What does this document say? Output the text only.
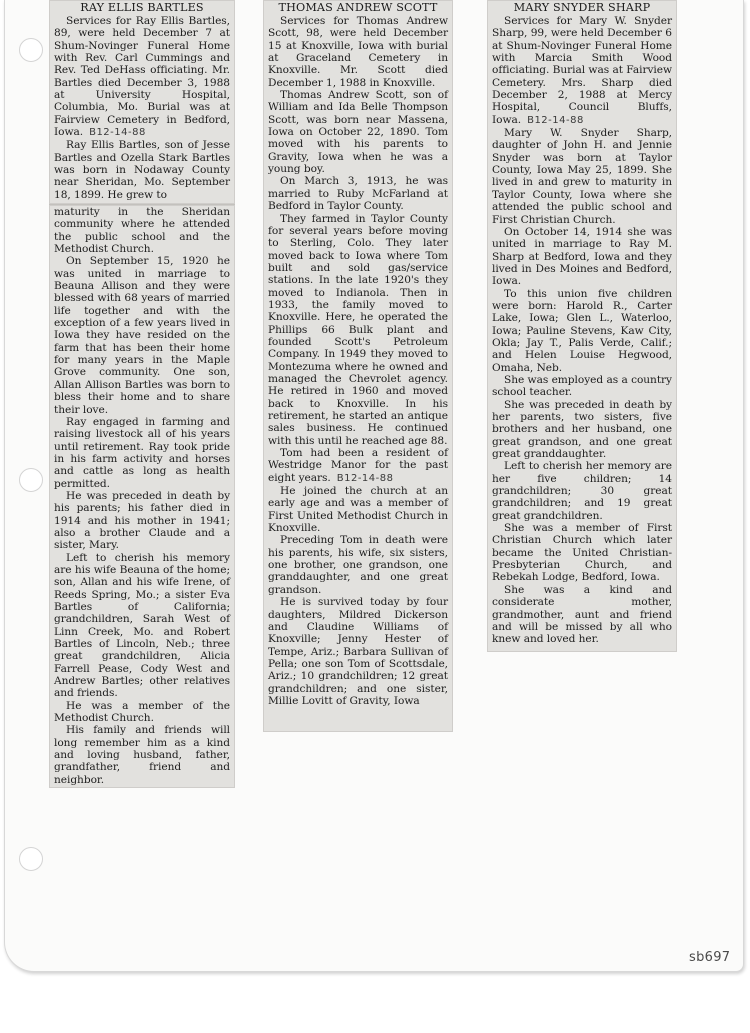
RAY ELLIS BARTLES

Services for Ray Ellis Bartles, 89, were held December 7 at Shum-Novinger Funeral Home with Rev. Carl Cummings and Rev. Ted DeHass officiating. Mr. Bartles died December 3, 1988 at University Hospital, Columbia, Mo. Burial was at Fairview Cemetery in Bedford, Iowa. B12-14-88

Ray Ellis Bartles, son of Jesse Bartles and Ozella Stark Bartles was born in Nodaway County near Sheridan, Mo. September 18, 1899. He grew to

maturity in the Sheridan community where he attended the public school and the Methodist Church.

On September 15, 1920 he was united in marriage to Beauna Allison and they were blessed with 68 years of married life together and with the exception of a few years lived in Iowa they have resided on the farm that has been their home for many years in the Maple Grove community. One son, Allan Allison Bartles was born to bless their home and to share their love.

Ray engaged in farming and raising livestock all of his years until retirement. Ray took pride in his farm activity and horses and cattle as long as health permitted.

He was preceded in death by his parents; his father died in 1914 and his mother in 1941; also a brother Claude and a sister, Mary.

Left to cherish his memory are his wife Beauna of the home; son, Allan and his wife Irene, of Reeds Spring, Mo.; a sister Eva Bartles of California; grandchildren, Sarah West of Linn Creek, Mo. and Robert Bartles of Lincoln, Neb.; three great grandchildren, Alicia Farrell Pease, Cody West and Andrew Bartles; other relatives and friends.

He was a member of the Methodist Church.

His family and friends will long remember him as a kind and loving husband, father, grandfather, friend and neighbor.

THOMAS ANDREW SCOTT

Services for Thomas Andrew Scott, 98, were held December 15 at Knoxville, Iowa with burial at Graceland Cemetery in Knoxville. Mr. Scott died December 1, 1988 in Knoxville.

Thomas Andrew Scott, son of William and Ida Belle Thompson Scott, was born near Massena, Iowa on October 22, 1890. Tom moved with his parents to Gravity, Iowa when he was a young boy.

On March 3, 1913, he was married to Ruby McFarland at Bedford in Taylor County.

They farmed in Taylor County for several years before moving to Sterling, Colo. They later moved back to Iowa where Tom built and sold gas/service stations. In the late 1920's they moved to Indianola. Then in 1933, the family moved to Knoxville. Here, he operated the Phillips 66 Bulk plant and founded Scott's Petroleum Company. In 1949 they moved to Montezuma where he owned and managed the Chevrolet agency. He retired in 1960 and moved back to Knoxville. In his retirement, he started an antique sales business. He continued with this until he reached age 88.

Tom had been a resident of Westridge Manor for the past eight years. B12-14-88

He joined the church at an early age and was a member of First United Methodist Church in Knoxville.

Preceding Tom in death were his parents, his wife, six sisters, one brother, one grandson, one granddaughter, and one great grandson.

He is survived today by four daughters, Mildred Dickerson and Claudine Williams of Knoxville; Jenny Hester of Tempe, Ariz.; Barbara Sullivan of Pella; one son Tom of Scottsdale, Ariz.; 10 grandchildren; 12 great grandchildren; and one sister, Millie Lovitt of Gravity, Iowa

MARY SNYDER SHARP

Services for Mary W. Snyder Sharp, 99, were held December 6 at Shum-Novinger Funeral Home with Marcia Smith Wood officiating. Burial was at Fairview Cemetery. Mrs. Sharp died December 2, 1988 at Mercy Hospital, Council Bluffs, Iowa. B12-14-88

Mary W. Snyder Sharp, daughter of John H. and Jennie Snyder was born at Taylor County, Iowa May 25, 1899. She lived in and grew to maturity in Taylor County, Iowa where she attended the public school and First Christian Church.

On October 14, 1914 she was united in marriage to Ray M. Sharp at Bedford, Iowa and they lived in Des Moines and Bedford, Iowa.

To this union five children were born: Harold R., Carter Lake, Iowa; Glen L., Waterloo, Iowa; Pauline Stevens, Kaw City, Okla; Jay T., Palis Verde, Calif.; and Helen Louise Hegwood, Omaha, Neb.

She was employed as a country school teacher.

She was preceded in death by her parents, two sisters, five brothers and her husband, one great grandson, and one great great granddaughter.

Left to cherish her memory are her five children; 14 grandchildren; 30 great grandchildren; and 19 great great grandchildren.

She was a member of First Christian Church which later became the United Christian-Presbyterian Church, and Rebekah Lodge, Bedford, Iowa.

She was a kind and considerate mother, grandmother, aunt and friend and will be missed by all who knew and loved her.

sb697
